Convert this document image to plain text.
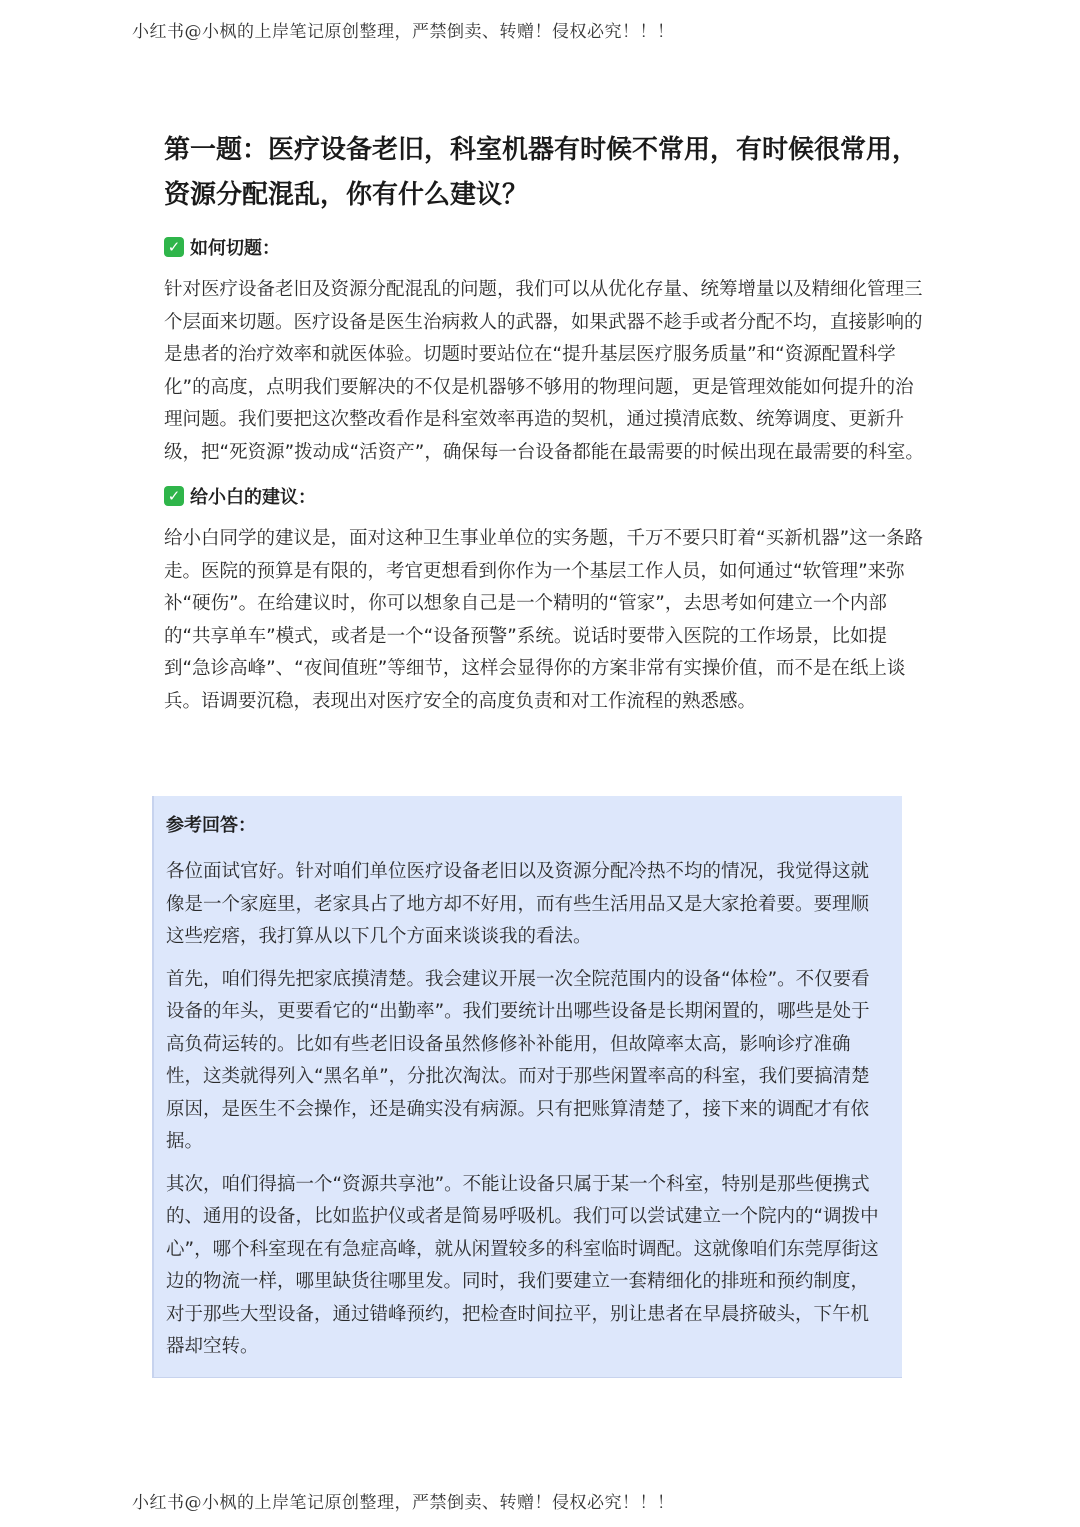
小红书@小枫的上岸笔记原创整理，严禁倒卖、转赠！侵权必究！！！
第一题：医疗设备老旧，科室机器有时候不常用，有时候很常用，资源分配混乱，你有什么建议？
✓ 如何切题：

针对医疗设备老旧及资源分配混乱的问题，我们可以从优化存量、统筹增量以及精细化管理三个层面来切题。医疗设备是医生治病救人的武器，如果武器不趁手或者分配不均，直接影响的是患者的治疗效率和就医体验。切题时要站位在“提升基层医疗服务质量”和“资源配置科学化”的高度，点明我们要解决的不仅是机器够不够用的物理问题，更是管理效能如何提升的治理问题。我们要把这次整改看作是科室效率再造的契机，通过摸清底数、统筹调度、更新升级，把“死资源”拨动成“活资产”，确保每一台设备都能在最需要的时候出现在最需要的科室。

✓ 给小白的建议：

给小白同学的建议是，面对这种卫生事业单位的实务题，千万不要只盯着“买新机器”这一条路走。医院的预算是有限的，考官更想看到你作为一个基层工作人员，如何通过“软管理”来弥补“硬伤”。在给建议时，你可以想象自己是一个精明的“管家”，去思考如何建立一个内部的“共享单车”模式，或者是一个“设备预警”系统。说话时要带入医院的工作场景，比如提到“急诊高峰”、“夜间值班”等细节，这样会显得你的方案非常有实操价值，而不是在纸上谈兵。语调要沉稳，表现出对医疗安全的高度负责和对工作流程的熟悉感。

参考回答：

各位面试官好。针对咱们单位医疗设备老旧以及资源分配冷热不均的情况，我觉得这就像是一个家庭里，老家具占了地方却不好用，而有些生活用品又是大家抢着要。要理顺这些疙瘩，我打算从以下几个方面来谈谈我的看法。

首先，咱们得先把家底摸清楚。我会建议开展一次全院范围内的设备“体检”。不仅要看设备的年头，更要看它的“出勤率”。我们要统计出哪些设备是长期闲置的，哪些是处于高负荷运转的。比如有些老旧设备虽然修修补补能用，但故障率太高，影响诊疗准确性，这类就得列入“黑名单”，分批次淘汰。而对于那些闲置率高的科室，我们要搞清楚原因，是医生不会操作，还是确实没有病源。只有把账算清楚了，接下来的调配才有依据。

其次，咱们得搞一个“资源共享池”。不能让设备只属于某一个科室，特别是那些便携式的、通用的设备，比如监护仪或者是简易呼吸机。我们可以尝试建立一个院内的“调拨中心”，哪个科室现在有急症高峰，就从闲置较多的科室临时调配。这就像咱们东莞厚街这边的物流一样，哪里缺货往哪里发。同时，我们要建立一套精细化的排班和预约制度，对于那些大型设备，通过错峰预约，把检查时间拉平，别让患者在早晨挤破头，下午机器却空转。

小红书@小枫的上岸笔记原创整理，严禁倒卖、转赠！侵权必究！！！
